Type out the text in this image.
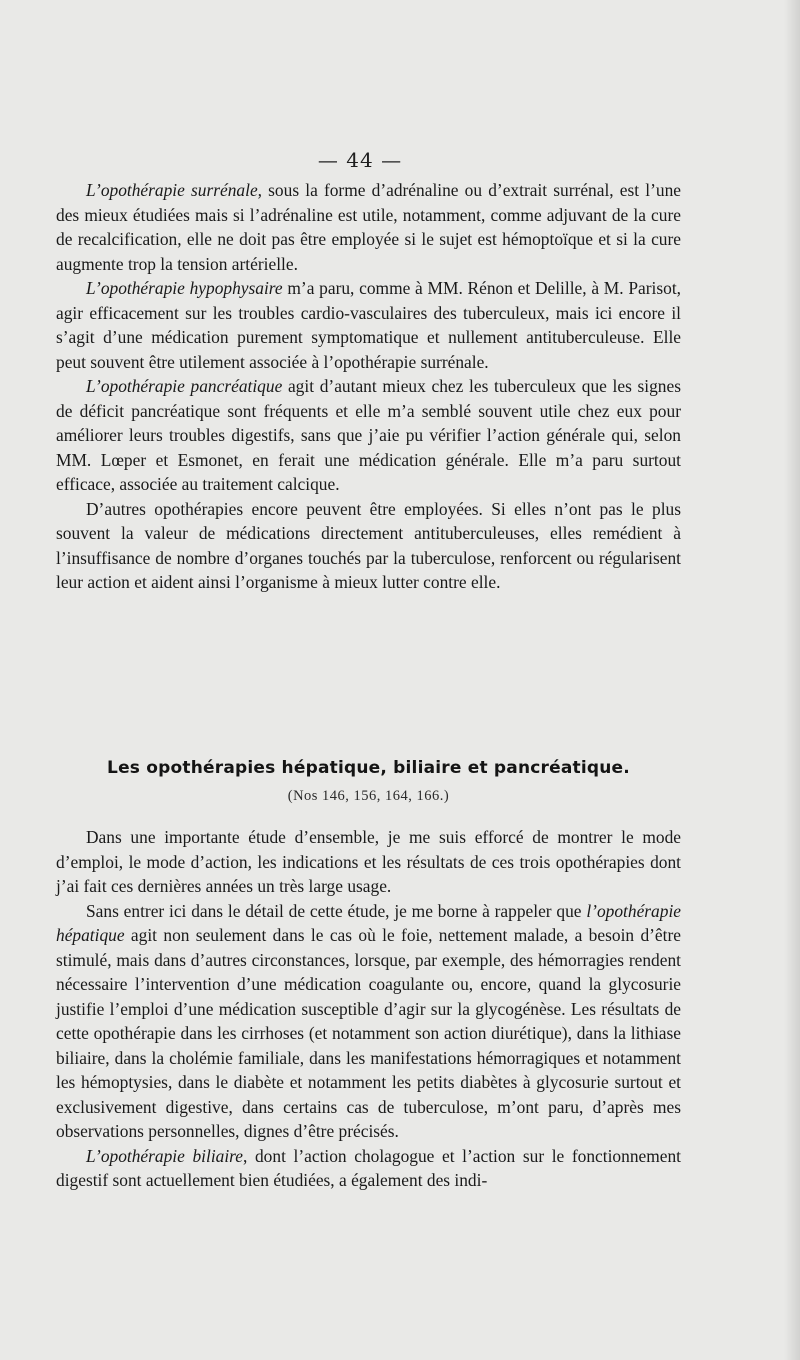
— 44 —

L’opothérapie surrénale, sous la forme d’adrénaline ou d’extrait surrénal, est l’une des mieux étudiées mais si l’adrénaline est utile, notamment, comme adjuvant de la cure de recalcification, elle ne doit pas être employée si le sujet est hémoptoïque et si la cure augmente trop la tension artérielle.

L’opothérapie hypophysaire m’a paru, comme à MM. Rénon et Delille, à M. Parisot, agir efficacement sur les troubles cardio-vasculaires des tuberculeux, mais ici encore il s’agit d’une médication purement symptomatique et nullement antituberculeuse. Elle peut souvent être utilement associée à l’opothérapie surrénale.

L’opothérapie pancréatique agit d’autant mieux chez les tuberculeux que les signes de déficit pancréatique sont fréquents et elle m’a semblé souvent utile chez eux pour améliorer leurs troubles digestifs, sans que j’aie pu vérifier l’action générale qui, selon MM. Lœper et Esmonet, en ferait une médication générale. Elle m’a paru surtout efficace, associée au traitement calcique.

D’autres opothérapies encore peuvent être employées. Si elles n’ont pas le plus souvent la valeur de médications directement antituberculeuses, elles remédient à l’insuffisance de nombre d’organes touchés par la tuberculose, renforcent ou régularisent leur action et aident ainsi l’organisme à mieux lutter contre elle.

Les opothérapies hépatique, biliaire et pancréatique.
(Nos 146, 156, 164, 166.)

Dans une importante étude d’ensemble, je me suis efforcé de montrer le mode d’emploi, le mode d’action, les indications et les résultats de ces trois opothérapies dont j’ai fait ces dernières années un très large usage.

Sans entrer ici dans le détail de cette étude, je me borne à rappeler que l’opothérapie hépatique agit non seulement dans le cas où le foie, nettement malade, a besoin d’être stimulé, mais dans d’autres circonstances, lorsque, par exemple, des hémorragies rendent nécessaire l’intervention d’une médication coagulante ou, encore, quand la glycosurie justifie l’emploi d’une médication susceptible d’agir sur la glycogénèse. Les résultats de cette opothérapie dans les cirrhoses (et notamment son action diurétique), dans la lithiase biliaire, dans la cholémie familiale, dans les manifestations hémorragiques et notamment les hémoptysies, dans le diabète et notamment les petits diabètes à glycosurie surtout et exclusivement digestive, dans certains cas de tuberculose, m’ont paru, d’après mes observations personnelles, dignes d’être précisés.

L’opothérapie biliaire, dont l’action cholagogue et l’action sur le fonctionnement digestif sont actuellement bien étudiées, a également des indi-
